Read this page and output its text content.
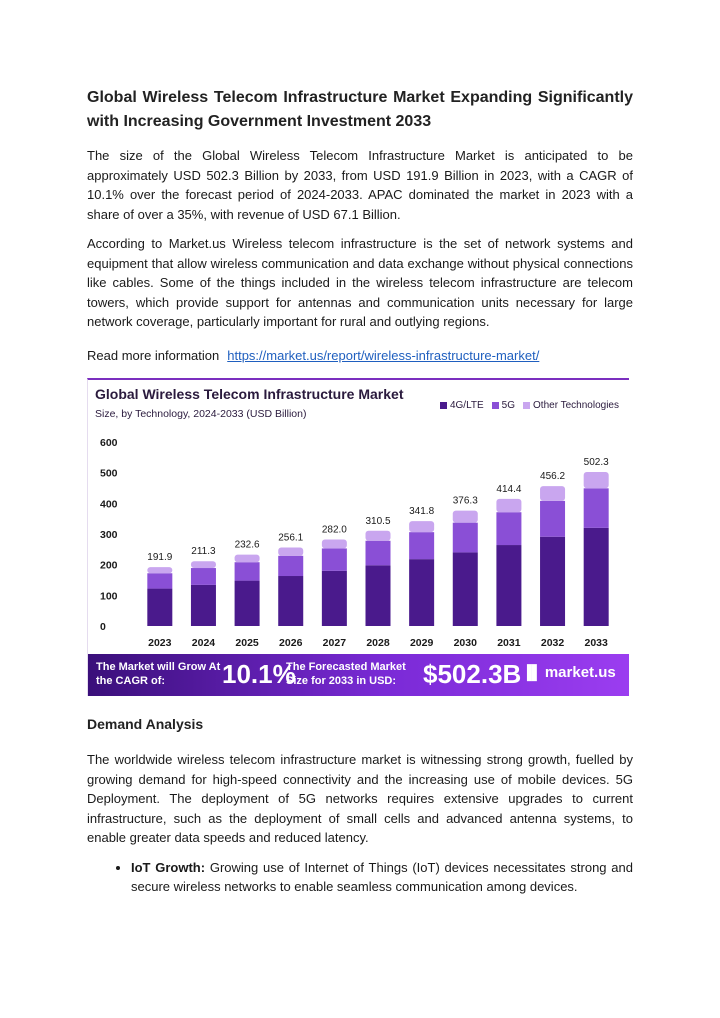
Global Wireless Telecom Infrastructure Market Expanding Significantly with Increasing Government Investment 2033

The size of the Global Wireless Telecom Infrastructure Market is anticipated to be approximately USD 502.3 Billion by 2033, from USD 191.9 Billion in 2023, with a CAGR of 10.1% over the forecast period of 2024-2033. APAC dominated the market in 2023 with a share of over a 35%, with revenue of USD 67.1 Billion.

According to Market.us Wireless telecom infrastructure is the set of network systems and equipment that allow wireless communication and data exchange without physical connections like cables. Some of the things included in the wireless telecom infrastructure are telecom towers, which provide support for antennas and communication units necessary for large network coverage, particularly important for rural and outlying regions.

Read more information https://market.us/report/wireless-infrastructure-market/
0
100
200
300
400
500
600
191.9
2023
211.3
2024
232.6
2025
256.1
2026
282.0
2027
310.5
2028
341.8
2029
376.3
2030
414.4
2031
456.2
2032
502.3
2033
Global Wireless Telecom Infrastructure Market
Size, by Technology, 2024-2033 (USD Billion)
4G/LTE	5G	Other Technologies
The Market will Grow At the CAGR of:	10.1%
The Forecasted Market Size for 2033 in USD:	$502.3B ▐▌ market.us
Demand Analysis

The worldwide wireless telecom infrastructure market is witnessing strong growth, fuelled by growing demand for high-speed connectivity and the increasing use of mobile devices. 5G Deployment. The deployment of 5G networks requires extensive upgrades to current infrastructure, such as the deployment of small cells and advanced antenna systems, to enable greater data speeds and reduced latency.

• IoT Growth: Growing use of Internet of Things (IoT) devices necessitates strong and secure wireless networks to enable seamless communication among devices.
